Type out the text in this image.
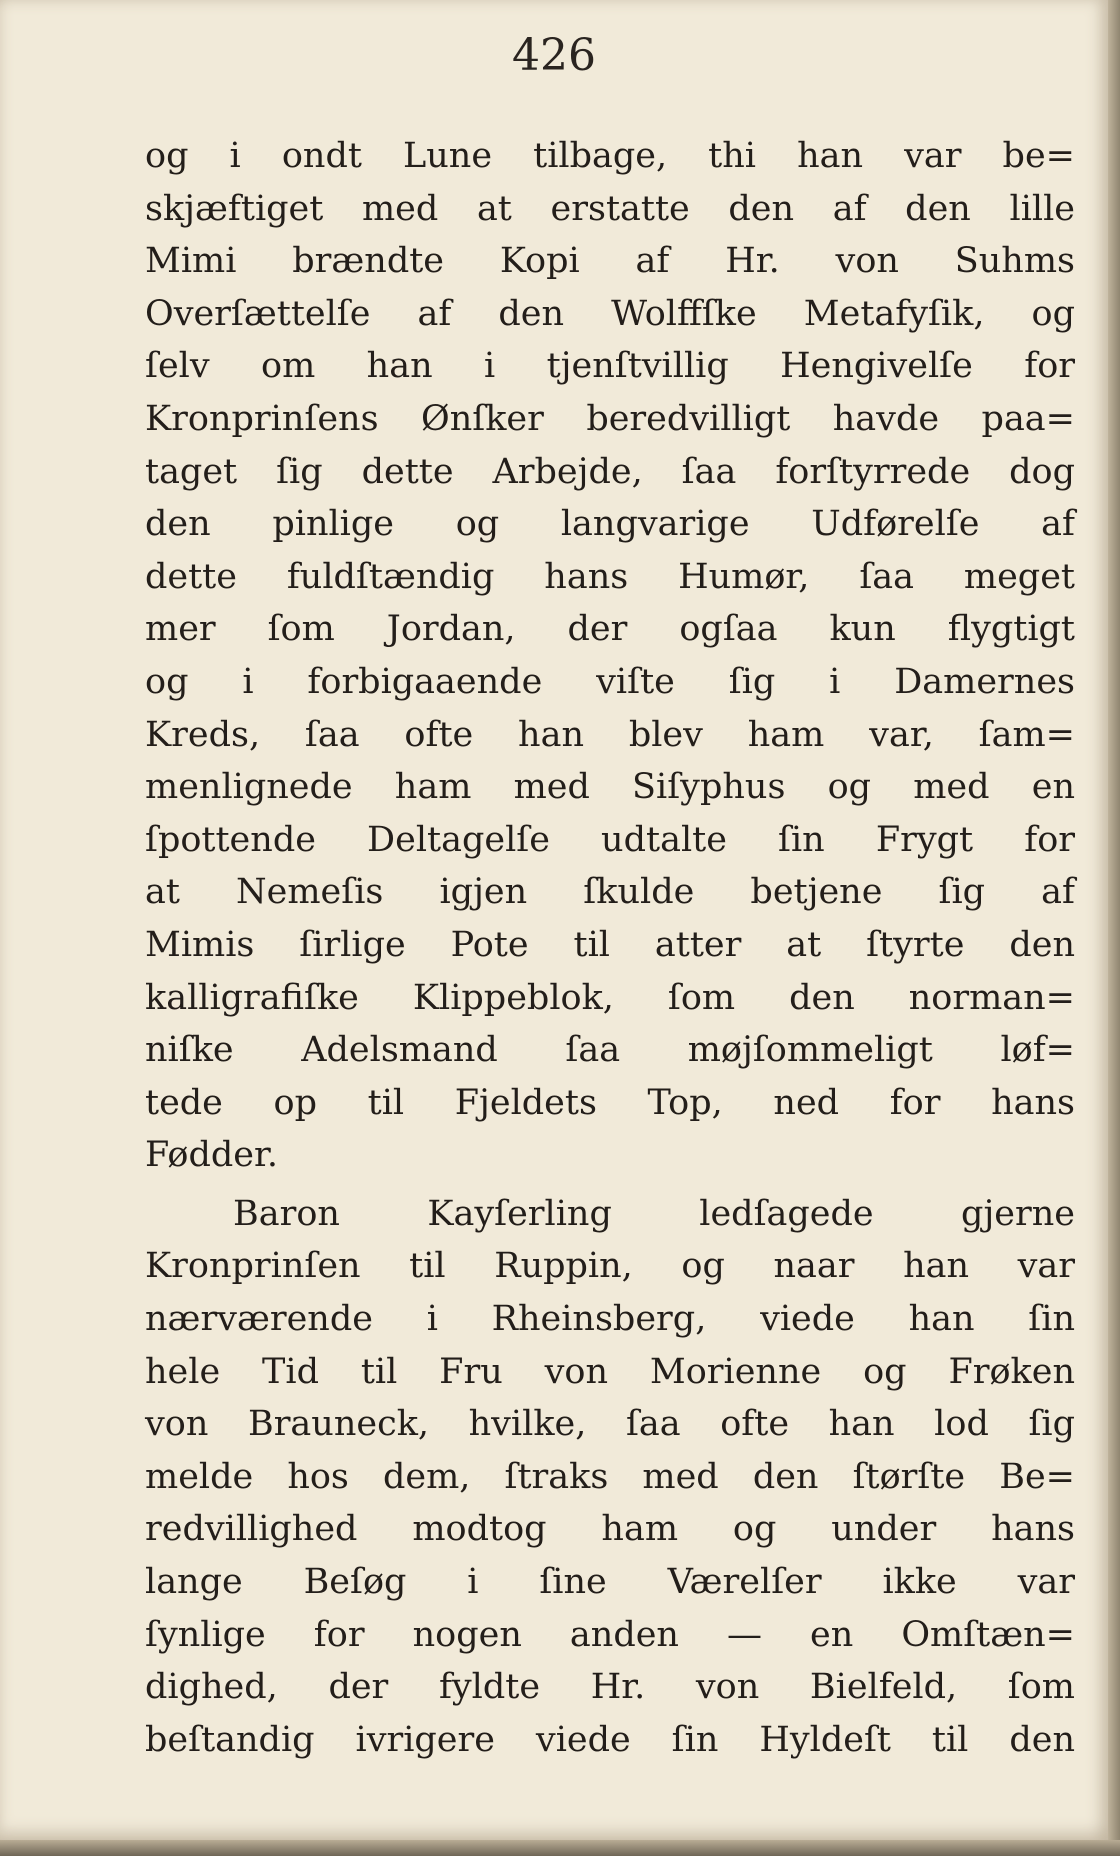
426
og i ondt Lune tilbage, thi han var be=
skjæftiget med at erstatte den af den lille
Mimi brændte Kopi af Hr. von Suhms
Overſættelſe af den Wolffſke Metafyſik, og
ſelv om han i tjenſtvillig Hengivelſe for
Kronprinſens Ønſker beredvilligt havde paa=
taget ſig dette Arbejde, ſaa forſtyrrede dog
den pinlige og langvarige Udførelſe af
dette fuldſtændig hans Humør, ſaa meget
mer ſom Jordan, der ogſaa kun flygtigt
og i forbigaaende viſte ſig i Damernes
Kreds, ſaa ofte han blev ham var, ſam=
menlignede ham med Siſyphus og med en
ſpottende Deltagelſe udtalte ſin Frygt for
at Nemeſis igjen ſkulde betjene ſig af
Mimis ſirlige Pote til atter at ſtyrte den
kalligrafiſke Klippeblok, ſom den norman=
niſke Adelsmand ſaa møjſommeligt løf=
tede op til Fjeldets Top, ned for hans
Fødder.
Baron Kayſerling ledſagede gjerne
Kronprinſen til Ruppin, og naar han var
nærværende i Rheinsberg, viede han ſin
hele Tid til Fru von Morienne og Frøken
von Brauneck, hvilke, ſaa ofte han lod ſig
melde hos dem, ſtraks med den ſtørſte Be=
redvillighed modtog ham og under hans
lange Beſøg i ſine Værelſer ikke var
ſynlige for nogen anden — en Omſtæn=
dighed, der fyldte Hr. von Bielfeld, ſom
beſtandig ivrigere viede ſin Hyldeſt til den
